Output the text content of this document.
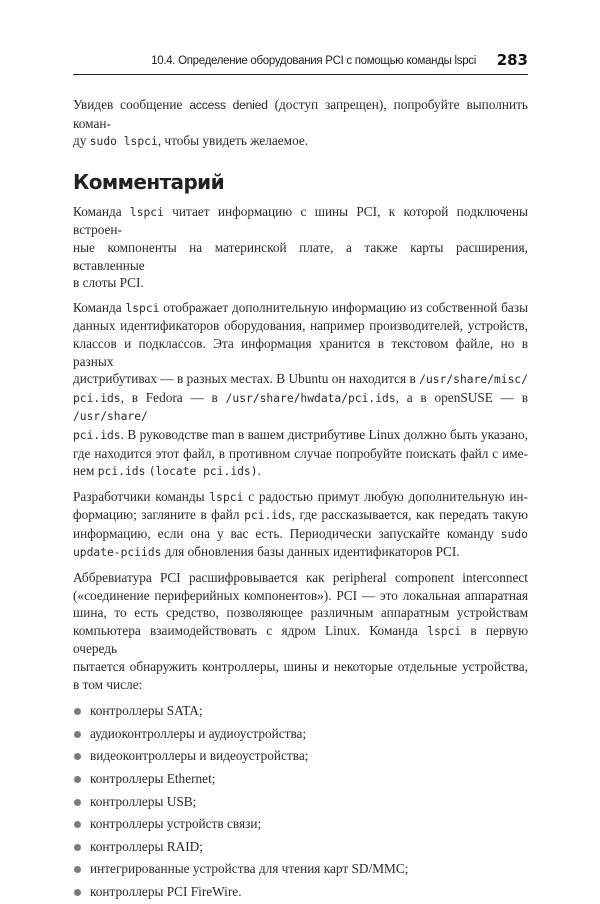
10.4. Определение оборудования PCI с помощью команды lspci 283
Увидев сообщение access denied (доступ запрещен), попробуйте выполнить коман-
ду sudo lspci, чтобы увидеть желаемое.
Комментарий
Команда lspci читает информацию с шины PCI, к которой подключены встроен-
ные компоненты на материнской плате, а также карты расширения, вставленные
в слоты PCI.
Команда lspci отображает дополнительную информацию из собственной базы
данных идентификаторов оборудования, например производителей, устройств,
классов и подклассов. Эта информация хранится в текстовом файле, но в разных
дистрибутивах — в разных местах. В Ubuntu он находится в /usr/share/misc/
pci.ids, в Fedora — в /usr/share/hwdata/pci.ids, а в openSUSE — в /usr/share/
pci.ids. В руководстве man в вашем дистрибутиве Linux должно быть указано,
где находится этот файл, в противном случае попробуйте поискать файл с име-
нем pci.ids (locate pci.ids).
Разработчики команды lspci с радостью примут любую дополнительную ин-
формацию; загляните в файл pci.ids, где рассказывается, как передать такую
информацию, если она у вас есть. Периодически запускайте команду sudo
update-pciids для обновления базы данных идентификаторов PCI.
Аббревиатура PCI расшифровывается как peripheral component interconnect
(«соединение периферийных компонентов»). PCI — это локальная аппаратная
шина, то есть средство, позволяющее различным аппаратным устройствам
компьютера взаимодействовать с ядром Linux. Команда lspci в первую очередь
пытается обнаружить контроллеры, шины и некоторые отдельные устройства,
в том числе:
контроллеры SATA;
аудиоконтроллеры и аудиоустройства;
видеоконтроллеры и видеоустройства;
контроллеры Ethernet;
контроллеры USB;
контроллеры устройств связи;
контроллеры RAID;
интегрированные устройства для чтения карт SD/MMC;
контроллеры PCI FireWire.
